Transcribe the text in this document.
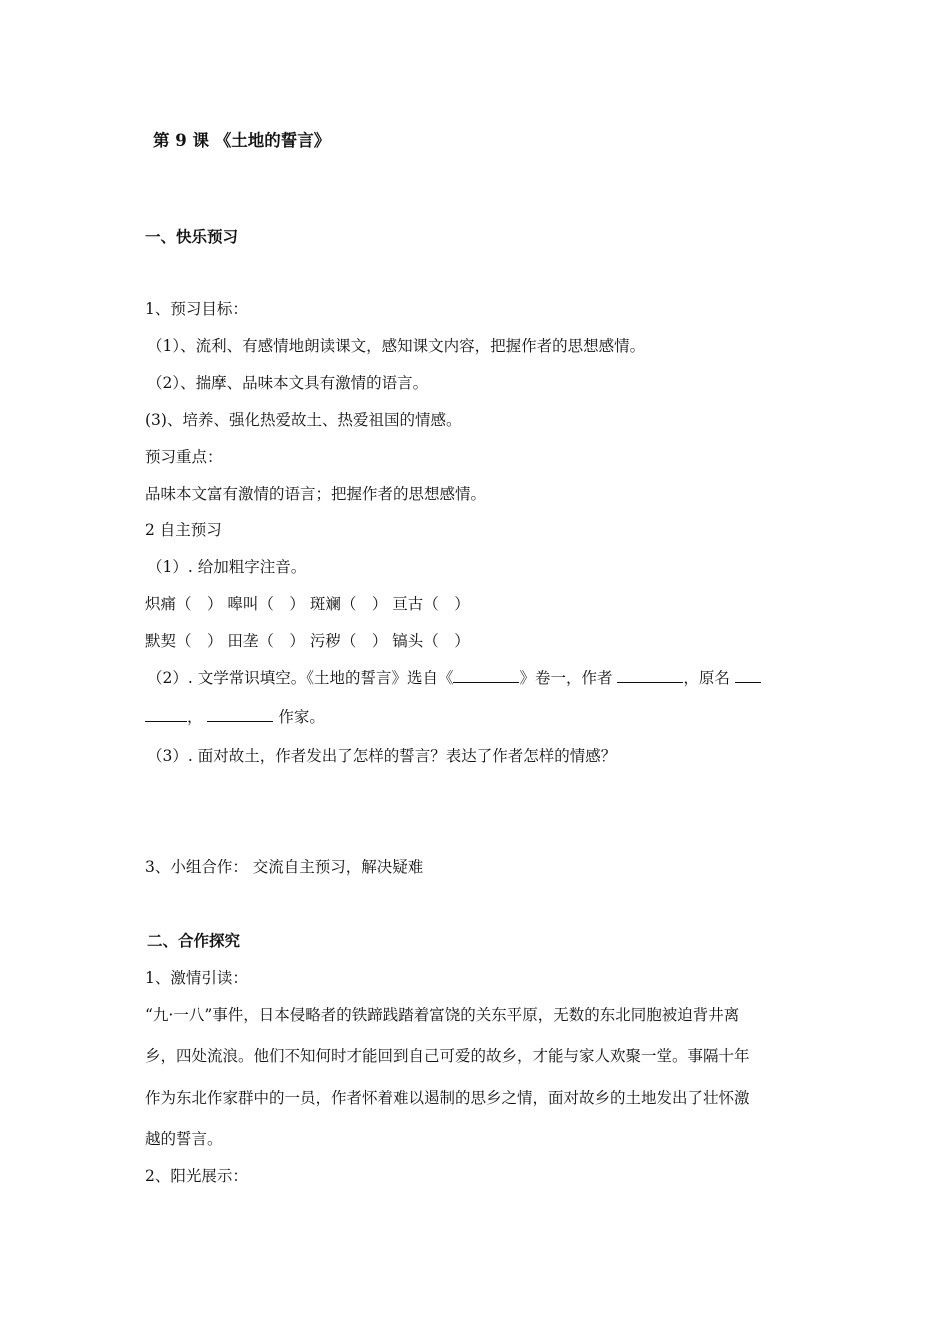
第 9 课 《土地的誓言》
一、快乐预习
1、预习目标：
（1）、流利、有感情地朗读课文，感知课文内容，把握作者的思想感情。
（2）、揣摩、品味本文具有激情的语言。
(3)、培养、强化热爱故土、热爱祖国的情感。
预习重点：
品味本文富有激情的语言；把握作者的思想感情。
2 自主预习
（1）. 给加粗字注音。
炽痛（　） 嗥叫（　） 斑斓（　） 亘古（　）
默契（　） 田垄（　） 污秽（　） 镐头（　）
（2）. 文学常识填空。《土地的誓言》选自《	》卷一，作者	，原名
，	作家。
（3）. 面对故土，作者发出了怎样的誓言？表达了作者怎样的情感？
3、小组合作： 交流自主预习，解决疑难
二、合作探究
1、激情引读：
“九·一八”事件，日本侵略者的铁蹄践踏着富饶的关东平原，无数的东北同胞被迫背井离
乡，四处流浪。他们不知何时才能回到自己可爱的故乡，才能与家人欢聚一堂。事隔十年
作为东北作家群中的一员，作者怀着难以遏制的思乡之情，面对故乡的土地发出了壮怀激
越的誓言。
2、阳光展示：
